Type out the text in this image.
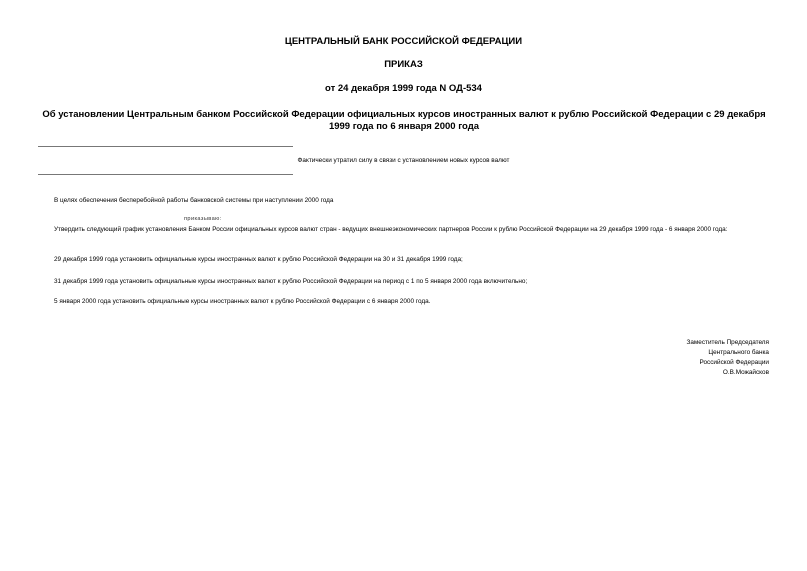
ЦЕНТРАЛЬНЫЙ БАНК РОССИЙСКОЙ ФЕДЕРАЦИИ
ПРИКАЗ
от 24 декабря 1999 года N ОД-534
Об установлении Центральным банком Российской Федерации официальных курсов иностранных валют к рублю Российской Федерации с 29 декабря 1999 года по 6 января 2000 года
Фактически утратил силу в связи с установлением новых курсов валют
В целях обеспечения бесперебойной работы банковской системы при наступлении 2000 года
приказываю:
Утвердить следующий график установления Банком России официальных курсов валют стран - ведущих внешнеэкономических партнеров России к рублю Российской Федерации на 29 декабря 1999 года - 6 января 2000 года:
29 декабря 1999 года установить официальные курсы иностранных валют к рублю Российской Федерации на 30 и 31 декабря 1999 года;
31 декабря 1999 года установить официальные курсы иностранных валют к рублю Российской Федерации на период с 1 по 5 января 2000 года включительно;
5 января 2000 года установить официальные курсы иностранных валют к рублю Российской Федерации с 6 января 2000 года.
Заместитель Председателя
Центрального банка
Российской Федерации
О.В.Можайсков
